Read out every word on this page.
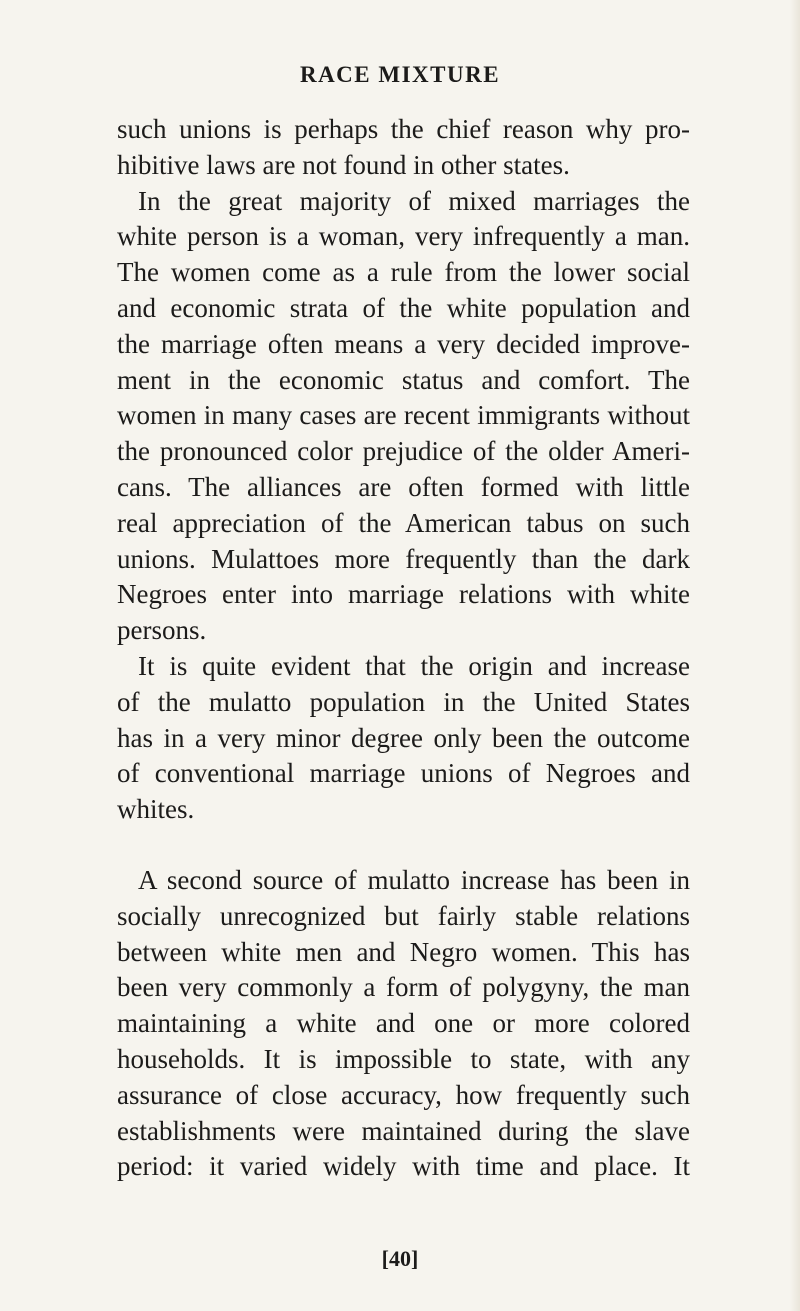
RACE MIXTURE
such unions is perhaps the chief reason why pro-
hibitive laws are not found in other states.
In the great majority of mixed marriages the
white person is a woman, very infrequently a man.
The women come as a rule from the lower social
and economic strata of the white population and
the marriage often means a very decided improve-
ment in the economic status and comfort. The
women in many cases are recent immigrants without
the pronounced color prejudice of the older Ameri-
cans. The alliances are often formed with little
real appreciation of the American tabus on such
unions. Mulattoes more frequently than the dark
Negroes enter into marriage relations with white
persons.
It is quite evident that the origin and increase
of the mulatto population in the United States
has in a very minor degree only been the outcome
of conventional marriage unions of Negroes and
whites.
A second source of mulatto increase has been in
socially unrecognized but fairly stable relations
between white men and Negro women. This has
been very commonly a form of polygyny, the man
maintaining a white and one or more colored
households. It is impossible to state, with any
assurance of close accuracy, how frequently such
establishments were maintained during the slave
period: it varied widely with time and place. It
[40]
